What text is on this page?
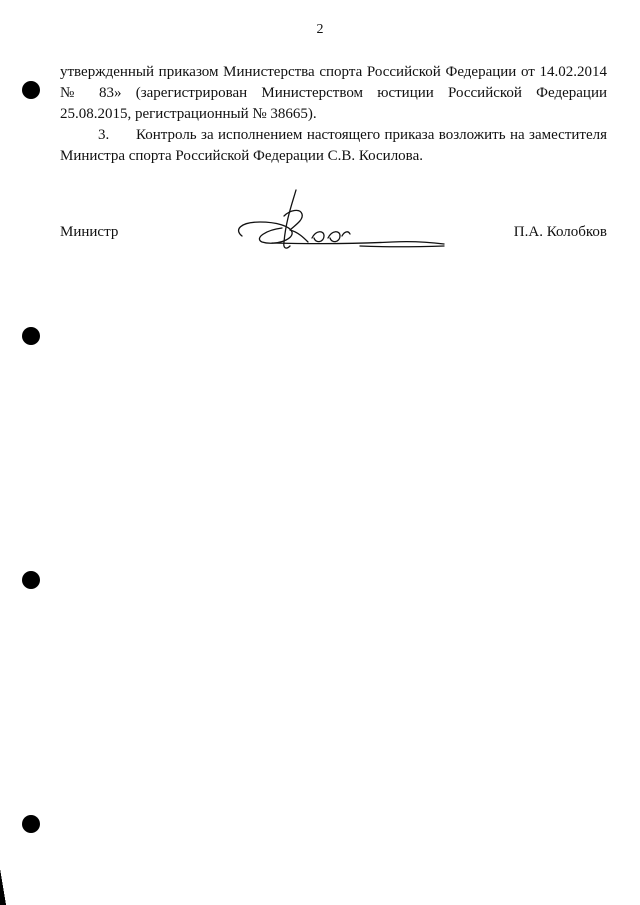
2

утвержденный приказом Министерства спорта Российской Федерации от 14.02.2014 № 83» (зарегистрирован Министерством юстиции Российской Федерации 25.08.2015, регистрационный № 38665).

3. Контроль за исполнением настоящего приказа возложить на заместителя Министра спорта Российской Федерации С.В. Косилова.

Министр	П.А. Колобков
